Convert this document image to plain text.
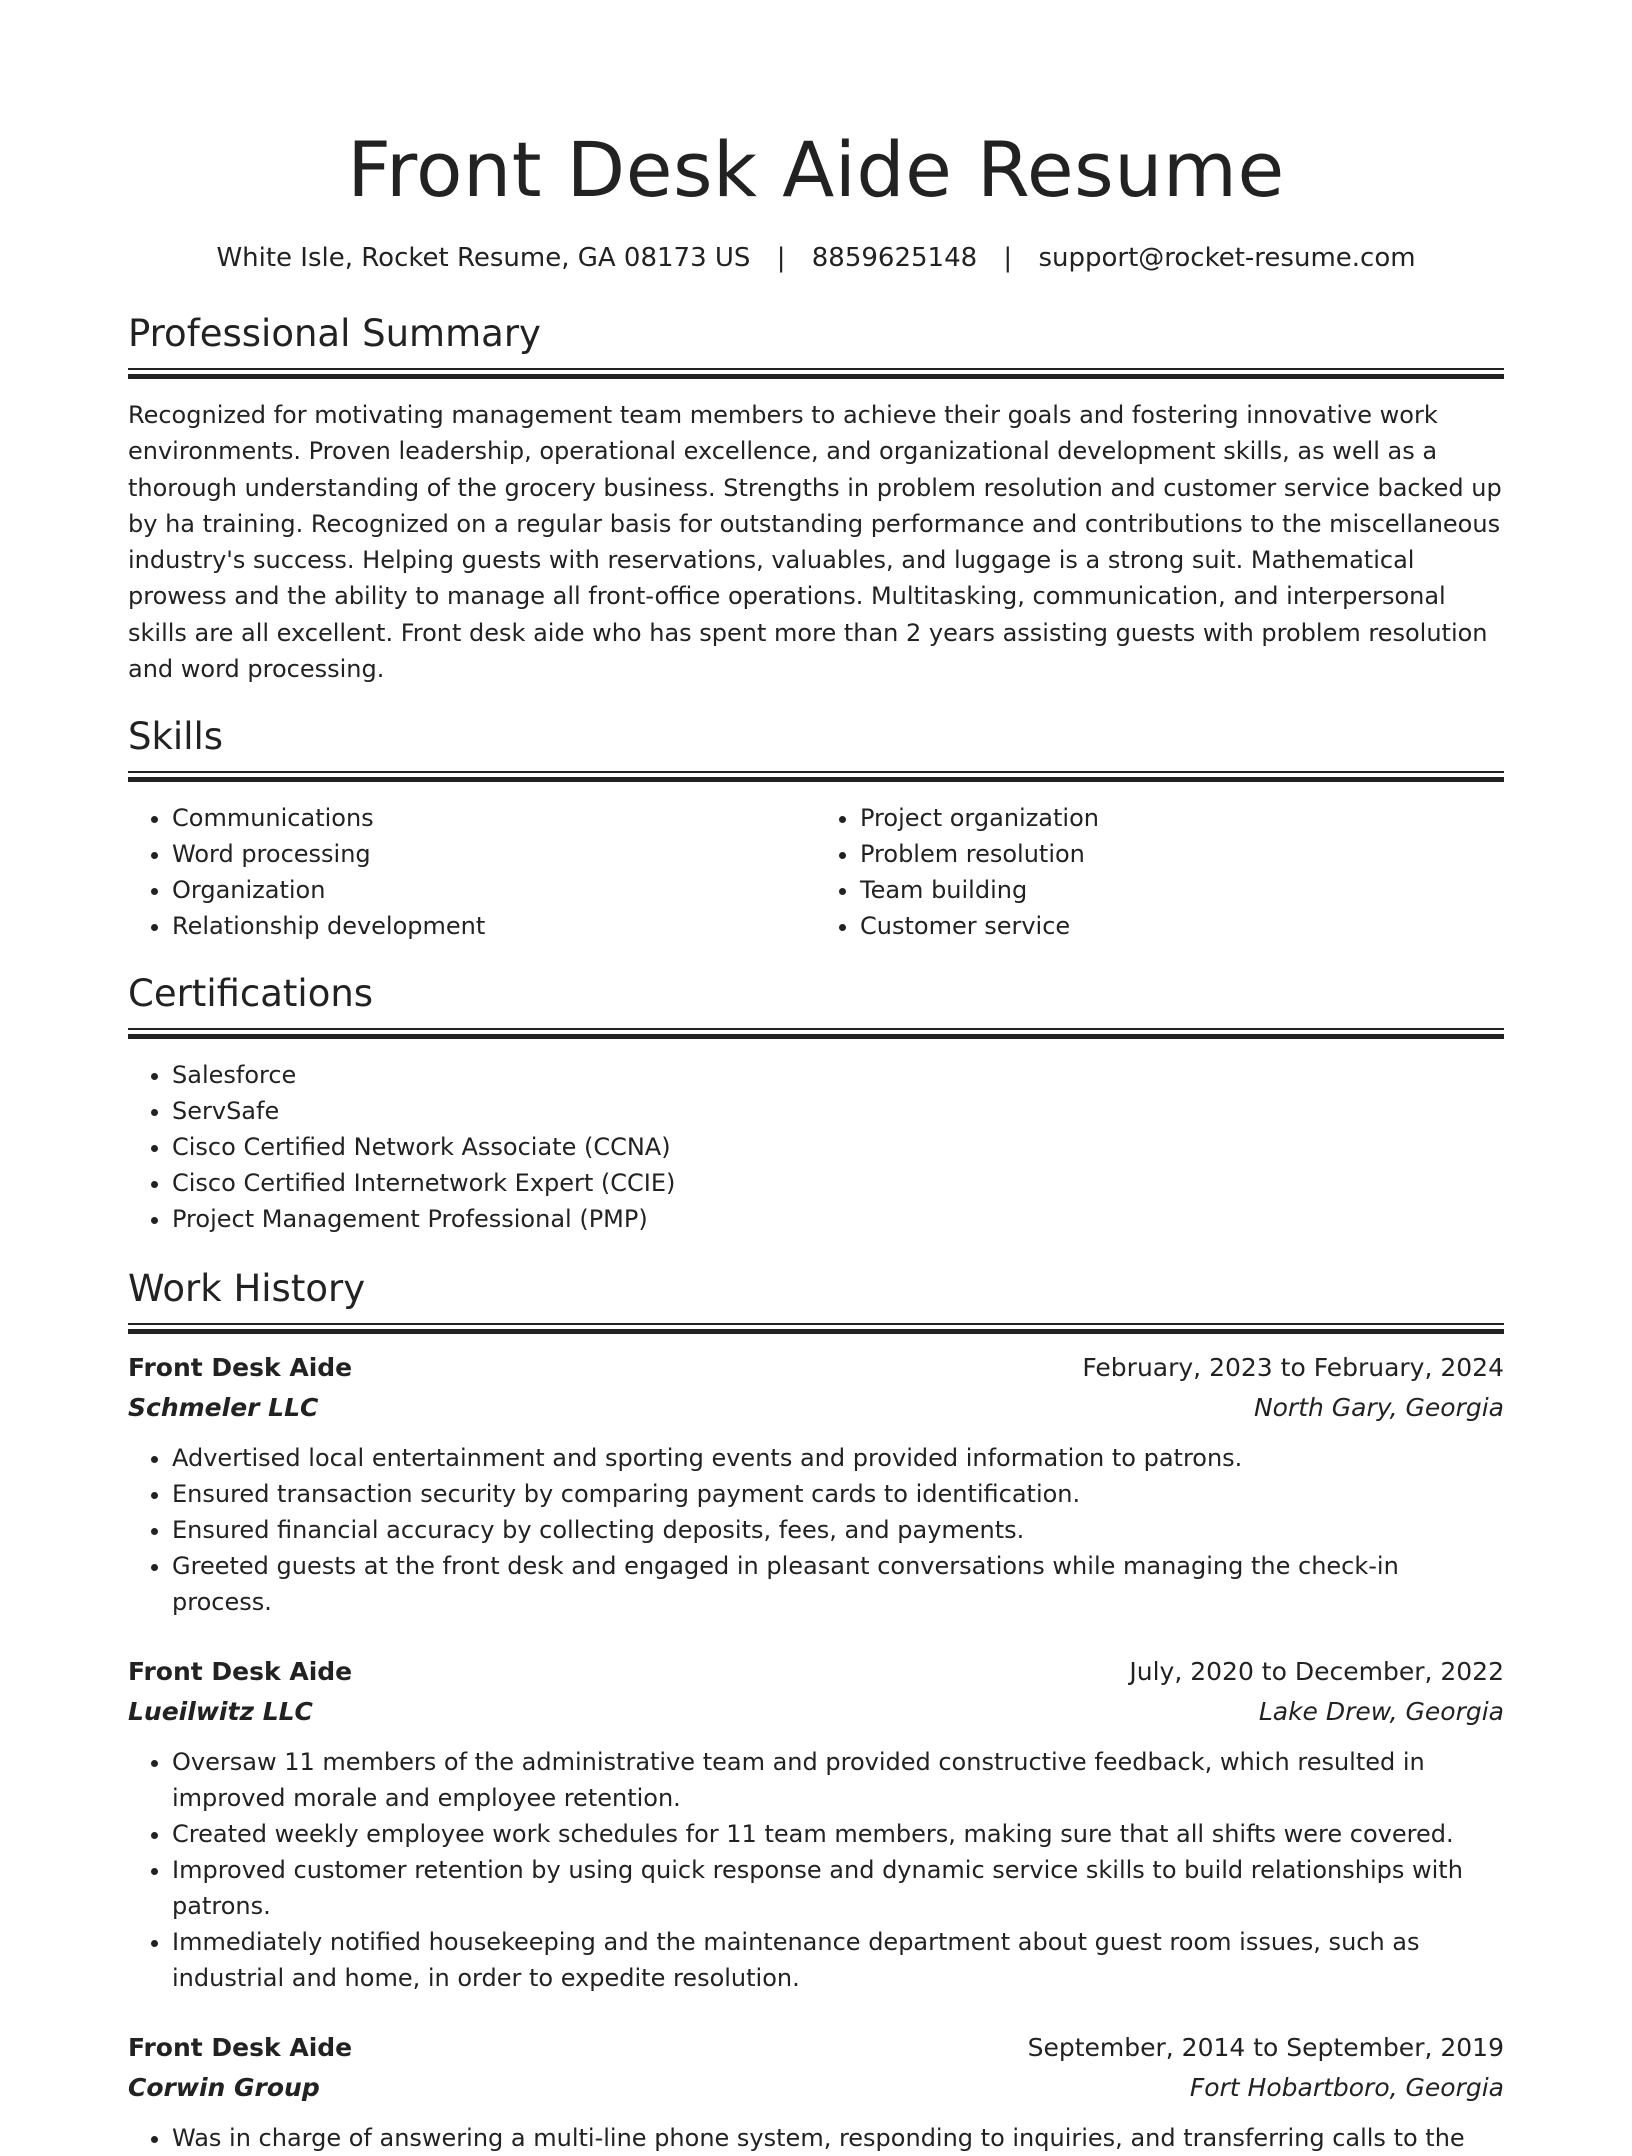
Front Desk Aide Resume
White Isle, Rocket Resume, GA 08173 US | 8859625148 | support@rocket-resume.com
Professional Summary
Recognized for motivating management team members to achieve their goals and fostering innovative work environments. Proven leadership, operational excellence, and organizational development skills, as well as a thorough understanding of the grocery business. Strengths in problem resolution and customer service backed up by ha training. Recognized on a regular basis for outstanding performance and contributions to the miscellaneous industry's success. Helping guests with reservations, valuables, and luggage is a strong suit. Mathematical prowess and the ability to manage all front-office operations. Multitasking, communication, and interpersonal skills are all excellent. Front desk aide who has spent more than 2 years assisting guests with problem resolution and word processing.
Skills
• Communications
• Word processing
• Organization
• Relationship development
• Project organization
• Problem resolution
• Team building
• Customer service
Certifications
• Salesforce
• ServSafe
• Cisco Certified Network Associate (CCNA)
• Cisco Certified Internetwork Expert (CCIE)
• Project Management Professional (PMP)
Work History
Front Desk Aide	February, 2023 to February, 2024
Schmeler LLC	North Gary, Georgia
• Advertised local entertainment and sporting events and provided information to patrons.
• Ensured transaction security by comparing payment cards to identification.
• Ensured financial accuracy by collecting deposits, fees, and payments.
• Greeted guests at the front desk and engaged in pleasant conversations while managing the check-in process.
Front Desk Aide	July, 2020 to December, 2022
Lueilwitz LLC	Lake Drew, Georgia
• Oversaw 11 members of the administrative team and provided constructive feedback, which resulted in improved morale and employee retention.
• Created weekly employee work schedules for 11 team members, making sure that all shifts were covered.
• Improved customer retention by using quick response and dynamic service skills to build relationships with patrons.
• Immediately notified housekeeping and the maintenance department about guest room issues, such as industrial and home, in order to expedite resolution.
Front Desk Aide	September, 2014 to September, 2019
Corwin Group	Fort Hobartboro, Georgia
• Was in charge of answering a multi-line phone system, responding to inquiries, and transferring calls to the
